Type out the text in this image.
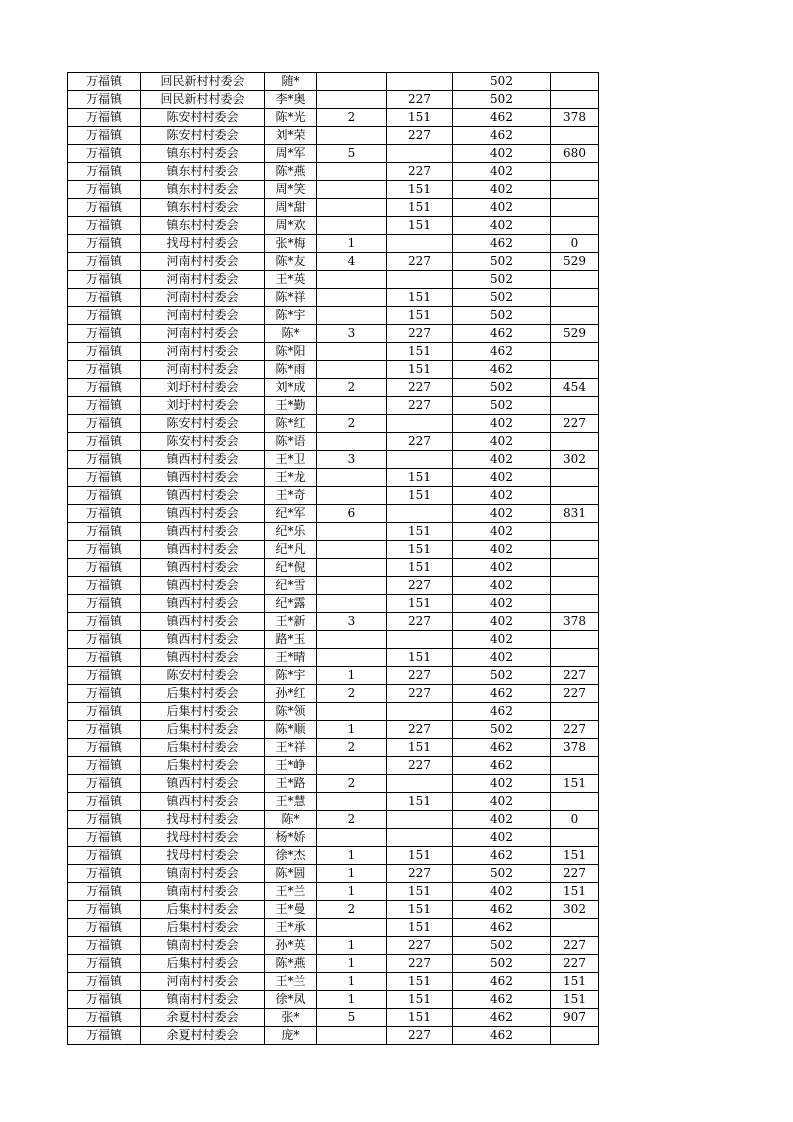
万福镇	回民新村村委会	随*			502	
万福镇	回民新村村委会	李*奥		227	502	
万福镇	陈安村村委会	陈*光	2	151	462	378
万福镇	陈安村村委会	刘*荣		227	462	
万福镇	镇东村村委会	周*军	5		402	680
万福镇	镇东村村委会	陈*燕		227	402	
万福镇	镇东村村委会	周*笑		151	402	
万福镇	镇东村村委会	周*甜		151	402	
万福镇	镇东村村委会	周*欢		151	402	
万福镇	找母村村委会	张*梅	1		462	0
万福镇	河南村村委会	陈*友	4	227	502	529
万福镇	河南村村委会	王*英			502	
万福镇	河南村村委会	陈*祥		151	502	
万福镇	河南村村委会	陈*宇		151	502	
万福镇	河南村村委会	陈*	3	227	462	529
万福镇	河南村村委会	陈*阳		151	462	
万福镇	河南村村委会	陈*雨		151	462	
万福镇	刘圩村村委会	刘*成	2	227	502	454
万福镇	刘圩村村委会	王*勤		227	502	
万福镇	陈安村村委会	陈*红	2		402	227
万福镇	陈安村村委会	陈*语		227	402	
万福镇	镇西村村委会	王*卫	3		402	302
万福镇	镇西村村委会	王*龙		151	402	
万福镇	镇西村村委会	王*奇		151	402	
万福镇	镇西村村委会	纪*军	6		402	831
万福镇	镇西村村委会	纪*乐		151	402	
万福镇	镇西村村委会	纪*凡		151	402	
万福镇	镇西村村委会	纪*倪		151	402	
万福镇	镇西村村委会	纪*雪		227	402	
万福镇	镇西村村委会	纪*露		151	402	
万福镇	镇西村村委会	王*新	3	227	402	378
万福镇	镇西村村委会	路*玉			402	
万福镇	镇西村村委会	王*晴		151	402	
万福镇	陈安村村委会	陈*宇	1	227	502	227
万福镇	后集村村委会	孙*红	2	227	462	227
万福镇	后集村村委会	陈*领			462	
万福镇	后集村村委会	陈*顺	1	227	502	227
万福镇	后集村村委会	王*祥	2	151	462	378
万福镇	后集村村委会	王*峥		227	462	
万福镇	镇西村村委会	王*路	2		402	151
万福镇	镇西村村委会	王*慧		151	402	
万福镇	找母村村委会	陈*	2		402	0
万福镇	找母村村委会	杨*娇			402	
万福镇	找母村村委会	徐*杰	1	151	462	151
万福镇	镇南村村委会	陈*圆	1	227	502	227
万福镇	镇南村村委会	王*兰	1	151	402	151
万福镇	后集村村委会	王*曼	2	151	462	302
万福镇	后集村村委会	王*承		151	462	
万福镇	镇南村村委会	孙*英	1	227	502	227
万福镇	后集村村委会	陈*燕	1	227	502	227
万福镇	河南村村委会	王*兰	1	151	462	151
万福镇	镇南村村委会	徐*凤	1	151	462	151
万福镇	余夏村村委会	张*	5	151	462	907
万福镇	余夏村村委会	庞*		227	462	
